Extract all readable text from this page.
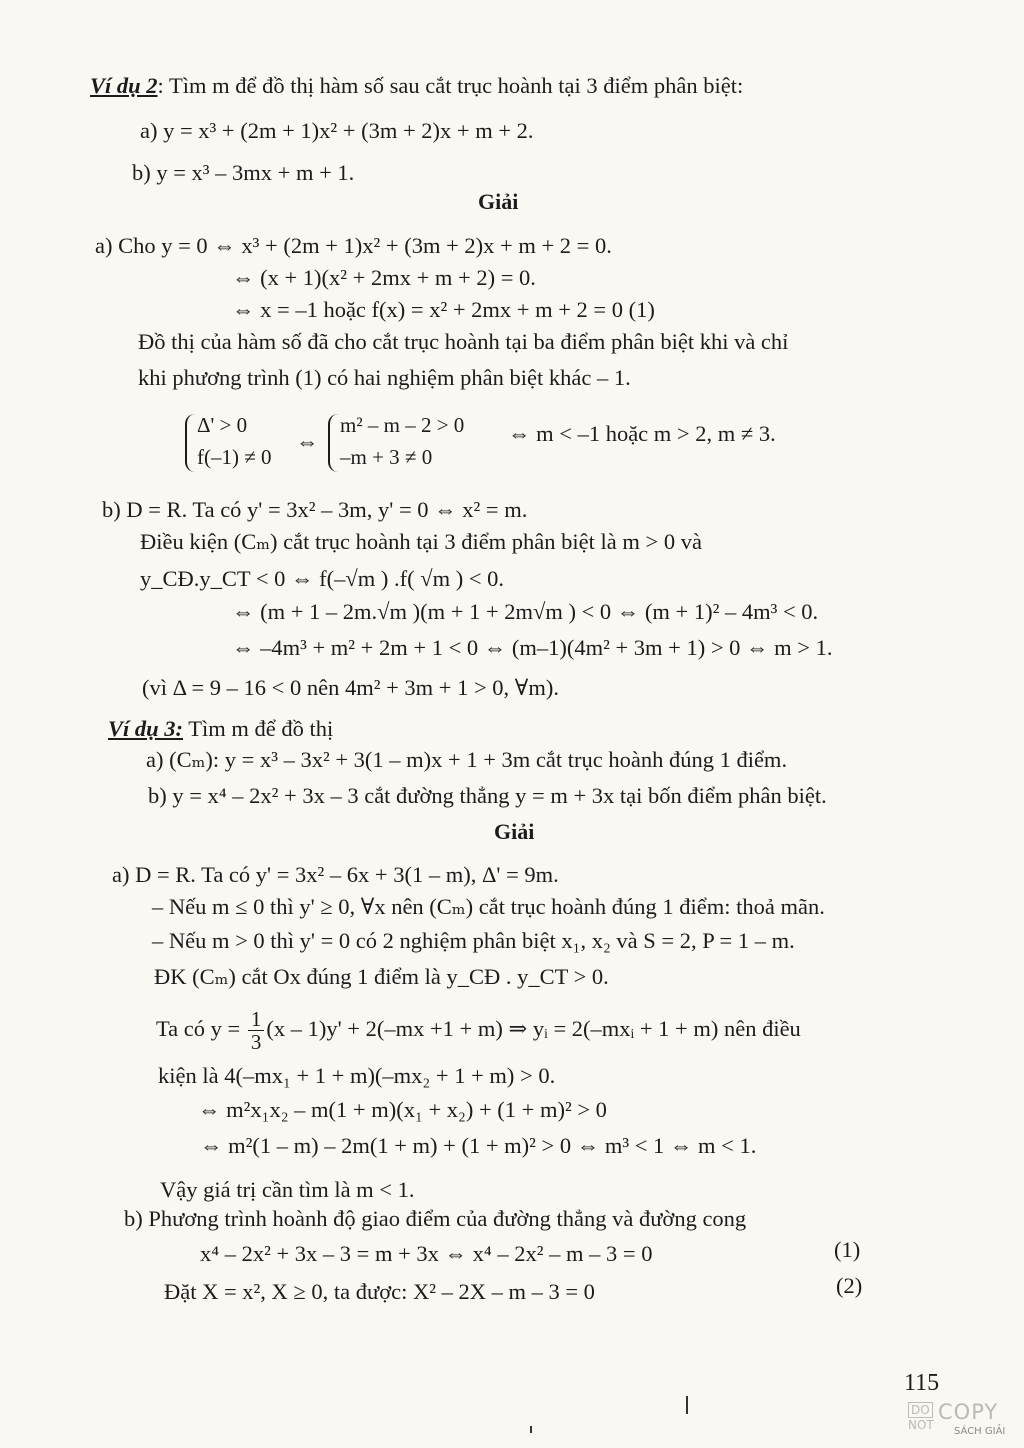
Ví dụ 2: Tìm m để đồ thị hàm số sau cắt trục hoành tại 3 điểm phân biệt:
a) y = x³ + (2m + 1)x² + (3m + 2)x + m + 2.
b) y = x³ – 3mx + m + 1.
Giải
a) Cho y = 0 ⇔ x³ + (2m + 1)x² + (3m + 2)x + m + 2 = 0.
⇔ (x + 1)(x² + 2mx + m + 2) = 0.
⇔ x = –1 hoặc f(x) = x² + 2mx + m + 2 = 0 (1)
Đồ thị của hàm số đã cho cắt trục hoành tại ba điểm phân biệt khi và chỉ
khi phương trình (1) có hai nghiệm phân biệt khác – 1.
Δ' > 0
f(–1) ≠ 0
⇔
m² – m – 2 > 0
–m + 3 ≠ 0
⇔ m < –1 hoặc m > 2, m ≠ 3.
b) D = R. Ta có y' = 3x² – 3m, y' = 0 ⇔ x² = m.
Điều kiện (Cₘ) cắt trục hoành tại 3 điểm phân biệt là m > 0 và
y_CĐ.y_CT < 0 ⇔ f(–√m ) .f( √m ) < 0.
⇔ (m + 1 – 2m.√m )(m + 1 + 2m√m ) < 0 ⇔ (m + 1)² – 4m³ < 0.
⇔ –4m³ + m² + 2m + 1 < 0 ⇔ (m–1)(4m² + 3m + 1) > 0 ⇔ m > 1.
(vì Δ = 9 – 16 < 0 nên 4m² + 3m + 1 > 0, ∀m).
Ví dụ 3: Tìm m để đồ thị
a) (Cₘ): y = x³ – 3x² + 3(1 – m)x + 1 + 3m cắt trục hoành đúng 1 điểm.
b) y = x⁴ – 2x² + 3x – 3 cắt đường thẳng y = m + 3x tại bốn điểm phân biệt.
Giải
a) D = R. Ta có y' = 3x² – 6x + 3(1 – m), Δ' = 9m.
– Nếu m ≤ 0 thì y' ≥ 0, ∀x nên (Cₘ) cắt trục hoành đúng 1 điểm: thoả mãn.
– Nếu m > 0 thì y' = 0 có 2 nghiệm phân biệt x₁, x₂ và S = 2, P = 1 – m.
ĐK (Cₘ) cắt Ox đúng 1 điểm là y_CĐ . y_CT > 0.
Ta có $y = \frac{1}{3} (x - 1)y' + 2(-mx +1 + m)$ ⇒ yᵢ = 2(–mxᵢ + 1 + m) nên điều
kiện là 4(–mx₁ + 1 + m)(–mx₂ + 1 + m) > 0.
⇔ m²x₁x₂ – m(1 + m)(x₁ + x₂) + (1 + m)² > 0
⇔ m²(1 – m) – 2m(1 + m) + (1 + m)² > 0 ⇔ m³ < 1 ⇔ m < 1.
Vậy giá trị cần tìm là m < 1.
b) Phương trình hoành độ giao điểm của đường thẳng và đường cong
x⁴ – 2x² + 3x – 3 = m + 3x ⇔ x⁴ – 2x² – m – 3 = 0	(1)
Đặt X = x², X ≥ 0, ta được: X² – 2X – m – 3 = 0	(2)
115
DO
NOT
COPY
SÁCH GIẢI
